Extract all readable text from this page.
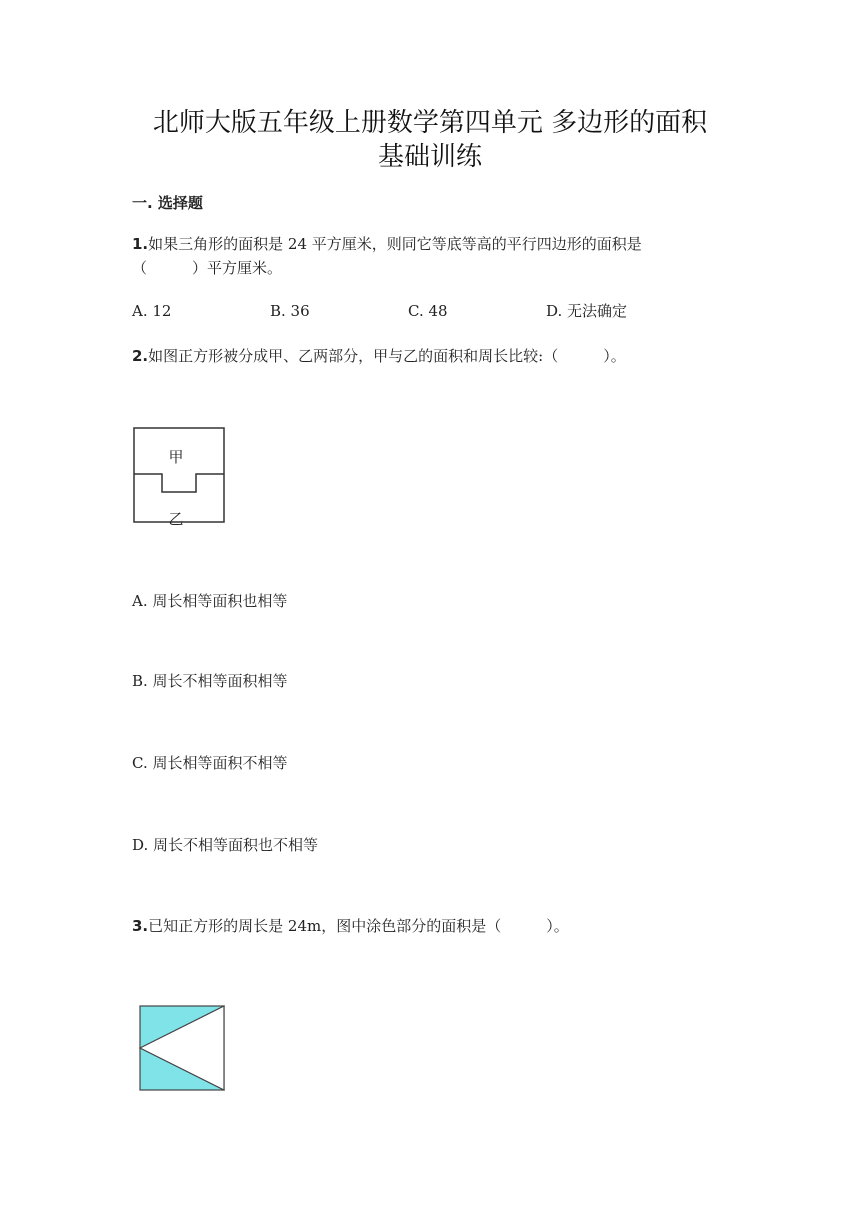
北师大版五年级上册数学第四单元 多边形的面积
基础训练
一. 选择题
1.如果三角形的面积是 24 平方厘米，则同它等底等高的平行四边形的面积是
（　　　）平方厘米。
A. 12	B. 36	C. 48	D. 无法确定
2.如图正方形被分成甲、乙两部分，甲与乙的面积和周长比较:（　　　）。
甲
乙
A. 周长相等面积也相等
B. 周长不相等面积相等
C. 周长相等面积不相等
D. 周长不相等面积也不相等
3.已知正方形的周长是 24m，图中涂色部分的面积是（　　　）。
